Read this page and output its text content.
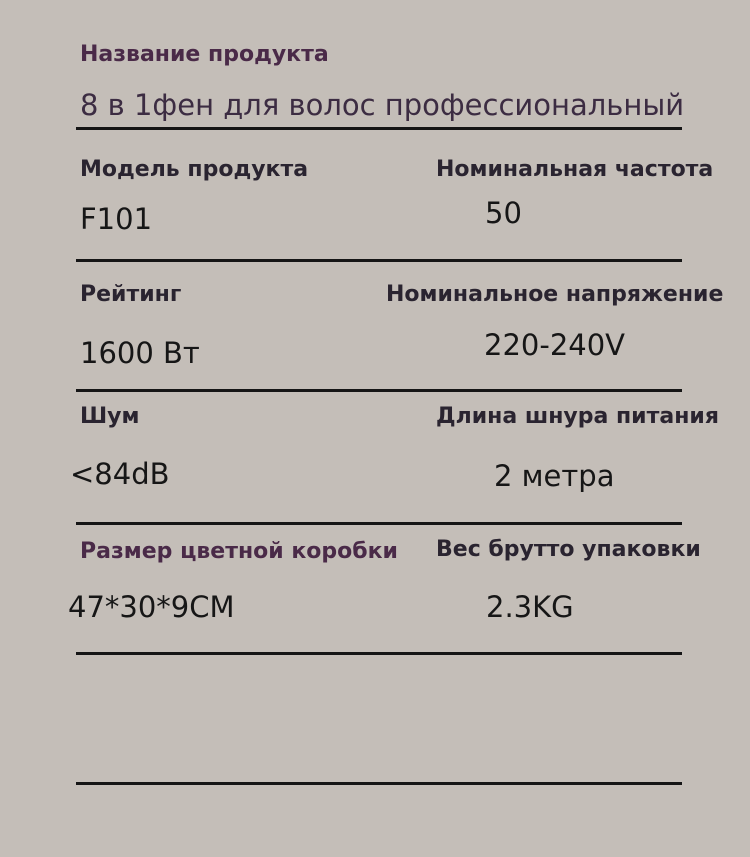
Название продукта
8 в 1фен для волос профессиональный
Модель продукта
F101
Номинальная частота
50
Рейтинг
1600 Вт
Номинальное напряжение
220-240V
Шум
<84dB
Длина шнура питания
2 метра
Размер цветной коробки
47*30*9CM
Вес брутто упаковки
2.3KG
